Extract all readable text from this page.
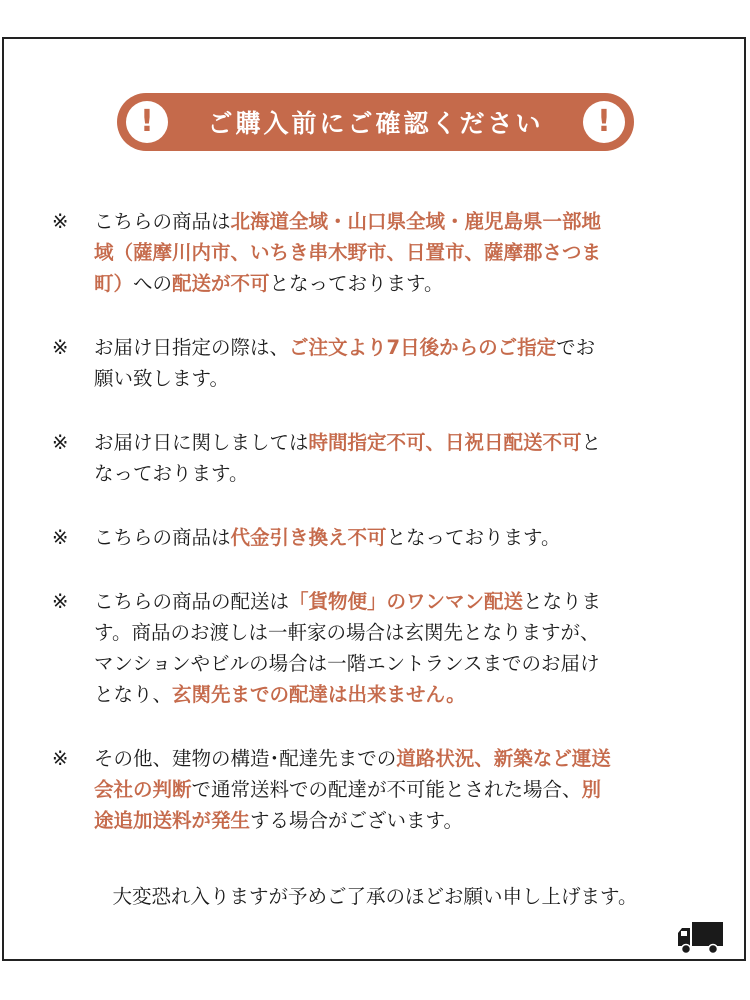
!	ご購入前にご確認ください	!
※	こちらの商品は北海道全域・山口県全域・鹿児島県一部地
域（薩摩川内市、いちき串木野市、日置市、薩摩郡さつま
町）への配送が不可となっております。
※	お届け日指定の際は、ご注文より7日後からのご指定でお
願い致します。
※	お届け日に関しましては時間指定不可、日祝日配送不可と
なっております。
※	こちらの商品は代金引き換え不可となっております。
※	こちらの商品の配送は「貨物便」のワンマン配送となりま
す。商品のお渡しは一軒家の場合は玄関先となりますが、
マンションやビルの場合は一階エントランスまでのお届け
となり、玄関先までの配達は出来ません。
※	その他、建物の構造･配達先までの道路状況、新築など運送
会社の判断で通常送料での配達が不可能とされた場合、別
途追加送料が発生する場合がございます。
大変恐れ入りますが予めご了承のほどお願い申し上げます。
